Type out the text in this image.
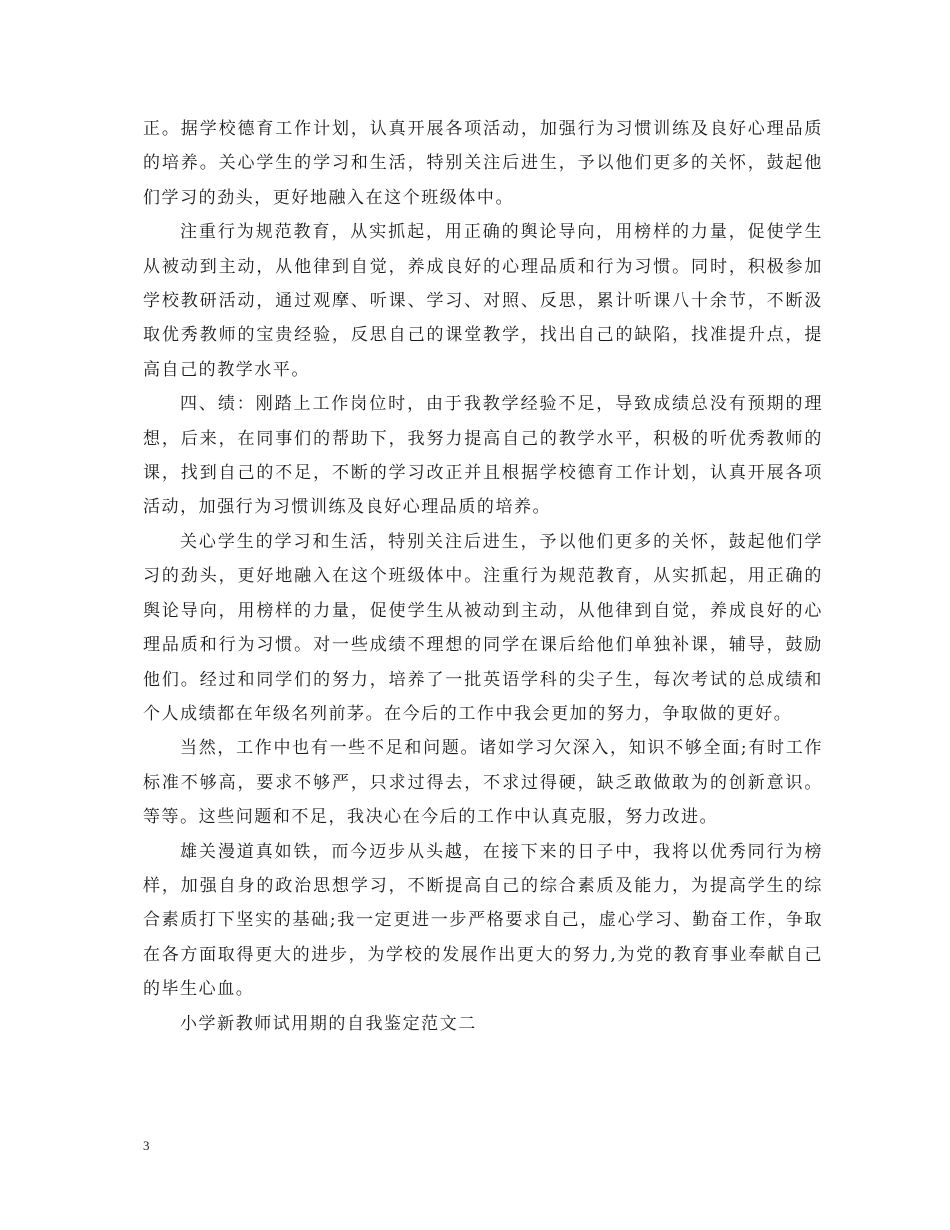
正。据学校德育工作计划，认真开展各项活动，加强行为习惯训练及良好心理品质的培养。关心学生的学习和生活，特别关注后进生，予以他们更多的关怀，鼓起他们学习的劲头，更好地融入在这个班级体中。

注重行为规范教育，从实抓起，用正确的舆论导向，用榜样的力量，促使学生从被动到主动，从他律到自觉，养成良好的心理品质和行为习惯。同时，积极参加学校教研活动，通过观摩、听课、学习、对照、反思，累计听课八十余节，不断汲取优秀教师的宝贵经验，反思自己的课堂教学，找出自己的缺陷，找准提升点，提高自己的教学水平。

四、绩：刚踏上工作岗位时，由于我教学经验不足，导致成绩总没有预期的理想，后来，在同事们的帮助下，我努力提高自己的教学水平，积极的听优秀教师的课，找到自己的不足，不断的学习改正并且根据学校德育工作计划，认真开展各项活动，加强行为习惯训练及良好心理品质的培养。

关心学生的学习和生活，特别关注后进生，予以他们更多的关怀，鼓起他们学习的劲头，更好地融入在这个班级体中。注重行为规范教育，从实抓起，用正确的舆论导向，用榜样的力量，促使学生从被动到主动，从他律到自觉，养成良好的心理品质和行为习惯。对一些成绩不理想的同学在课后给他们单独补课，辅导，鼓励他们。经过和同学们的努力，培养了一批英语学科的尖子生，每次考试的总成绩和个人成绩都在年级名列前茅。在今后的工作中我会更加的努力，争取做的更好。

当然，工作中也有一些不足和问题。诸如学习欠深入，知识不够全面;有时工作标准不够高，要求不够严，只求过得去，不求过得硬，缺乏敢做敢为的创新意识。等等。这些问题和不足，我决心在今后的工作中认真克服，努力改进。

雄关漫道真如铁，而今迈步从头越，在接下来的日子中，我将以优秀同行为榜样，加强自身的政治思想学习，不断提高自己的综合素质及能力，为提高学生的综合素质打下坚实的基础;我一定更进一步严格要求自己，虚心学习、勤奋工作，争取在各方面取得更大的进步，为学校的发展作出更大的努力,为党的教育事业奉献自己的毕生心血。

小学新教师试用期的自我鉴定范文二

3
